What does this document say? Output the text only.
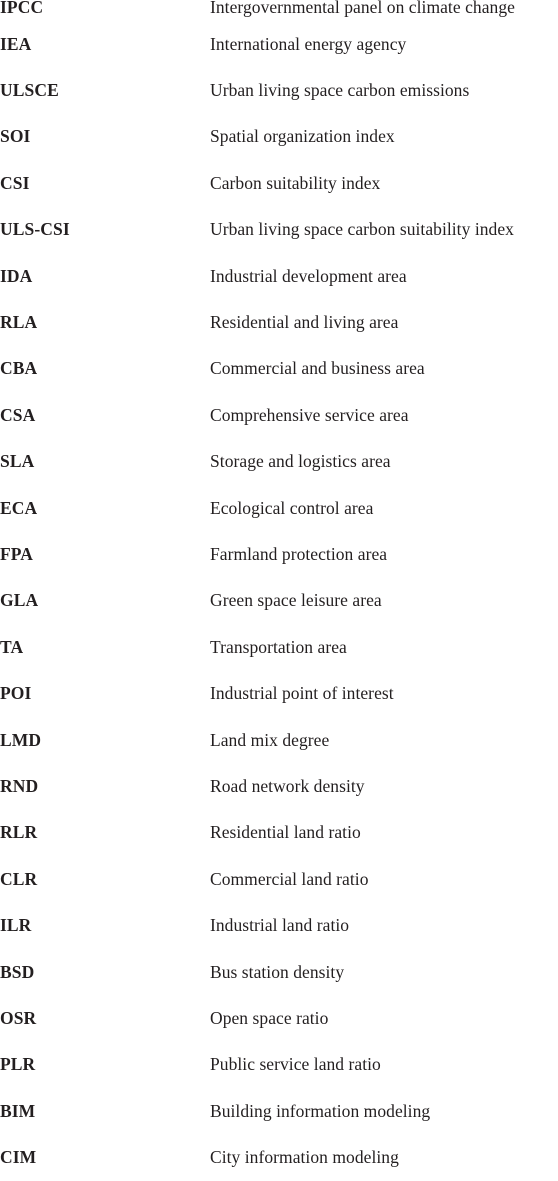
IPCC	Intergovernmental panel on climate change
IEA	International energy agency
ULSCE	Urban living space carbon emissions
SOI	Spatial organization index
CSI	Carbon suitability index
ULS-CSI	Urban living space carbon suitability index
IDA	Industrial development area
RLA	Residential and living area
CBA	Commercial and business area
CSA	Comprehensive service area
SLA	Storage and logistics area
ECA	Ecological control area
FPA	Farmland protection area
GLA	Green space leisure area
TA	Transportation area
POI	Industrial point of interest
LMD	Land mix degree
RND	Road network density
RLR	Residential land ratio
CLR	Commercial land ratio
ILR	Industrial land ratio
BSD	Bus station density
OSR	Open space ratio
PLR	Public service land ratio
BIM	Building information modeling
CIM	City information modeling
